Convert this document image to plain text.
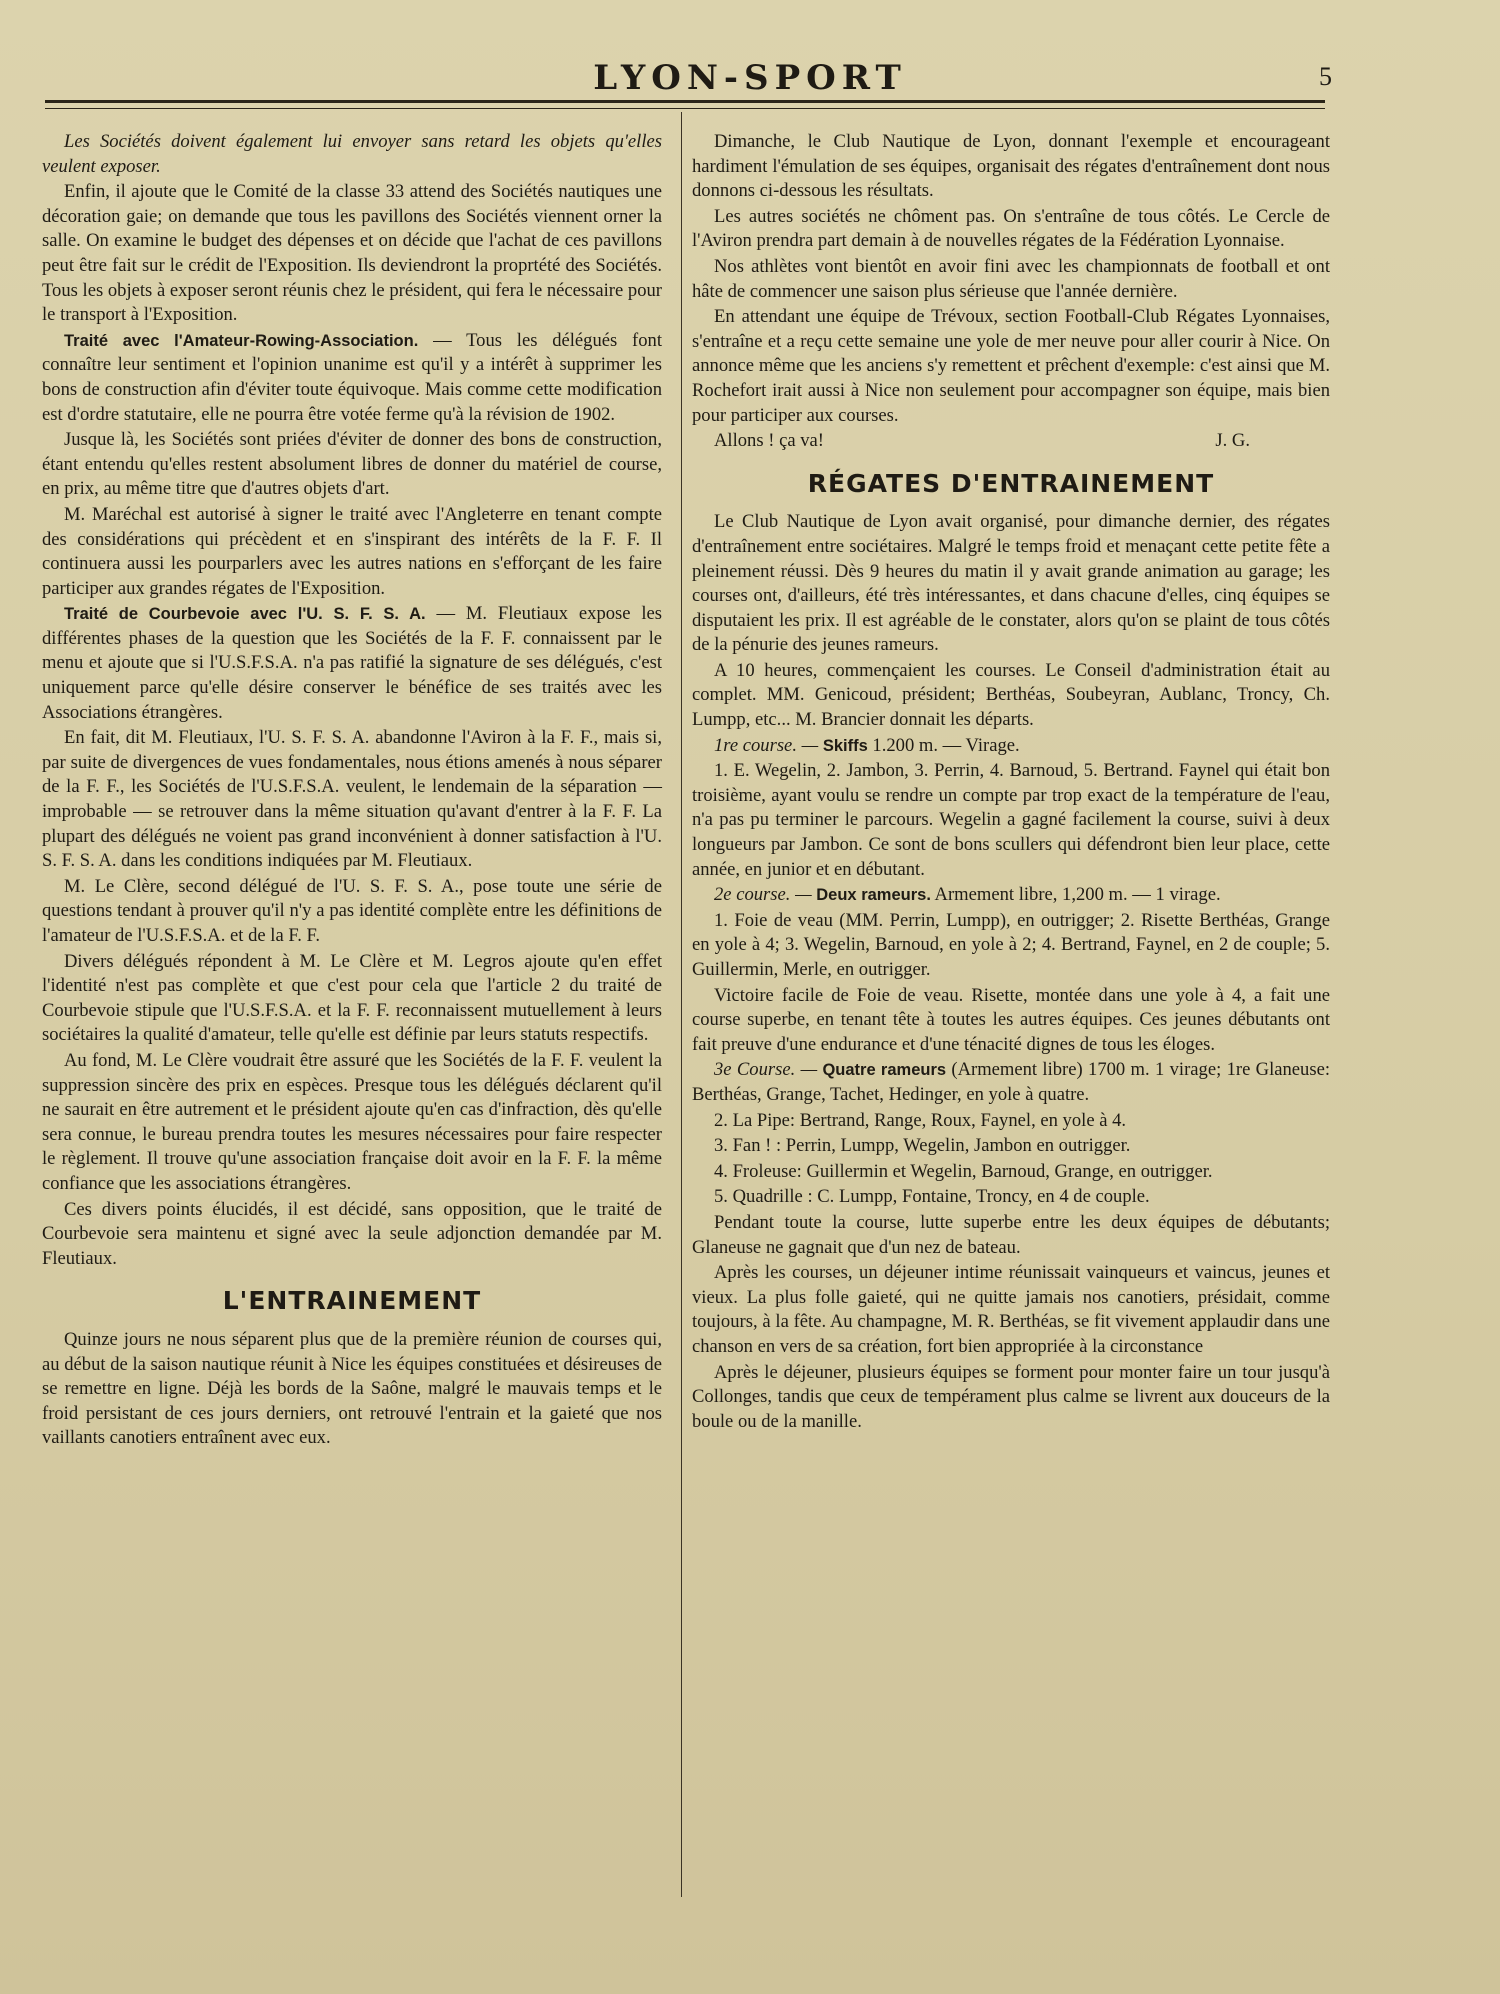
LYON-SPORT	5

Les Sociétés doivent également lui envoyer sans retard les objets qu'elles veulent exposer.

Enfin, il ajoute que le Comité de la classe 33 attend des Sociétés nautiques une décoration gaie; on demande que tous les pavillons des Sociétés viennent orner la salle. On examine le budget des dépenses et on décide que l'achat de ces pavillons peut être fait sur le crédit de l'Exposition. Ils deviendront la proprtété des Sociétés. Tous les objets à exposer seront réunis chez le président, qui fera le nécessaire pour le transport à l'Exposition.

Traité avec l'Amateur-Rowing-Association. — Tous les délégués font connaître leur sentiment et l'opinion unanime est qu'il y a intérêt à supprimer les bons de construction afin d'éviter toute équivoque. Mais comme cette modification est d'ordre statutaire, elle ne pourra être votée ferme qu'à la révision de 1902.

Jusque là, les Sociétés sont priées d'éviter de donner des bons de construction, étant entendu qu'elles restent absolument libres de donner du matériel de course, en prix, au même titre que d'autres objets d'art.

M. Maréchal est autorisé à signer le traité avec l'Angleterre en tenant compte des considérations qui précèdent et en s'inspirant des intérêts de la F. F. Il continuera aussi les pourparlers avec les autres nations en s'efforçant de les faire participer aux grandes régates de l'Exposition.

Traité de Courbevoie avec l'U. S. F. S. A. — M. Fleutiaux expose les différentes phases de la question que les Sociétés de la F. F. connaissent par le menu et ajoute que si l'U.S.F.S.A. n'a pas ratifié la signature de ses délégués, c'est uniquement parce qu'elle désire conserver le bénéfice de ses traités avec les Associations étrangères.

En fait, dit M. Fleutiaux, l'U. S. F. S. A. abandonne l'Aviron à la F. F., mais si, par suite de divergences de vues fondamentales, nous étions amenés à nous séparer de la F. F., les Sociétés de l'U.S.F.S.A. veulent, le lendemain de la séparation — improbable — se retrouver dans la même situation qu'avant d'entrer à la F. F. La plupart des délégués ne voient pas grand inconvénient à donner satisfaction à l'U. S. F. S. A. dans les conditions indiquées par M. Fleutiaux.

M. Le Clère, second délégué de l'U. S. F. S. A., pose toute une série de questions tendant à prouver qu'il n'y a pas identité complète entre les définitions de l'amateur de l'U.S.F.S.A. et de la F. F.

Divers délégués répondent à M. Le Clère et M. Legros ajoute qu'en effet l'identité n'est pas complète et que c'est pour cela que l'article 2 du traité de Courbevoie stipule que l'U.S.F.S.A. et la F. F. reconnaissent mutuellement à leurs sociétaires la qualité d'amateur, telle qu'elle est définie par leurs statuts respectifs.

Au fond, M. Le Clère voudrait être assuré que les Sociétés de la F. F. veulent la suppression sincère des prix en espèces. Presque tous les délégués déclarent qu'il ne saurait en être autrement et le président ajoute qu'en cas d'infraction, dès qu'elle sera connue, le bureau prendra toutes les mesures nécessaires pour faire respecter le règlement. Il trouve qu'une association française doit avoir en la F. F. la même confiance que les associations étrangères.

Ces divers points élucidés, il est décidé, sans opposition, que le traité de Courbevoie sera maintenu et signé avec la seule adjonction demandée par M. Fleutiaux.

L'ENTRAINEMENT

Quinze jours ne nous séparent plus que de la première réunion de courses qui, au début de la saison nautique réunit à Nice les équipes constituées et désireuses de se remettre en ligne. Déjà les bords de la Saône, malgré le mauvais temps et le froid persistant de ces jours derniers, ont retrouvé l'entrain et la gaieté que nos vaillants canotiers entraînent avec eux.

Dimanche, le Club Nautique de Lyon, donnant l'exemple et encourageant hardiment l'émulation de ses équipes, organisait des régates d'entraînement dont nous donnons ci-dessous les résultats.

Les autres sociétés ne chôment pas. On s'entraîne de tous côtés. Le Cercle de l'Aviron prendra part demain à de nouvelles régates de la Fédération Lyonnaise.

Nos athlètes vont bientôt en avoir fini avec les championnats de football et ont hâte de commencer une saison plus sérieuse que l'année dernière.

En attendant une équipe de Trévoux, section Football-Club Régates Lyonnaises, s'entraîne et a reçu cette semaine une yole de mer neuve pour aller courir à Nice. On annonce même que les anciens s'y remettent et prêchent d'exemple: c'est ainsi que M. Rochefort irait aussi à Nice non seulement pour accompagner son équipe, mais bien pour participer aux courses.

Allons ! ça va!	J. G.
RÉGATES D'ENTRAINEMENT

Le Club Nautique de Lyon avait organisé, pour dimanche dernier, des régates d'entraînement entre sociétaires. Malgré le temps froid et menaçant cette petite fête a pleinement réussi. Dès 9 heures du matin il y avait grande animation au garage; les courses ont, d'ailleurs, été très intéressantes, et dans chacune d'elles, cinq équipes se disputaient les prix. Il est agréable de le constater, alors qu'on se plaint de tous côtés de la pénurie des jeunes rameurs.

A 10 heures, commençaient les courses. Le Conseil d'administration était au complet. MM. Genicoud, président; Berthéas, Soubeyran, Aublanc, Troncy, Ch. Lumpp, etc... M. Brancier donnait les départs.

1re course. — Skiffs 1.200 m. — Virage.

1. E. Wegelin, 2. Jambon, 3. Perrin, 4. Barnoud, 5. Bertrand. Faynel qui était bon troisième, ayant voulu se rendre un compte par trop exact de la température de l'eau, n'a pas pu terminer le parcours. Wegelin a gagné facilement la course, suivi à deux longueurs par Jambon. Ce sont de bons scullers qui défendront bien leur place, cette année, en junior et en débutant.

2e course. — Deux rameurs. Armement libre, 1,200 m. — 1 virage.

1. Foie de veau (MM. Perrin, Lumpp), en outrigger; 2. Risette Berthéas, Grange en yole à 4; 3. Wegelin, Barnoud, en yole à 2; 4. Bertrand, Faynel, en 2 de couple; 5. Guillermin, Merle, en outrigger.

Victoire facile de Foie de veau. Risette, montée dans une yole à 4, a fait une course superbe, en tenant tête à toutes les autres équipes. Ces jeunes débutants ont fait preuve d'une endurance et d'une ténacité dignes de tous les éloges.

3e Course. — Quatre rameurs (Armement libre) 1700 m. 1 virage; 1re Glaneuse: Berthéas, Grange, Tachet, Hedinger, en yole à quatre.

2. La Pipe: Bertrand, Range, Roux, Faynel, en yole à 4.

3. Fan ! : Perrin, Lumpp, Wegelin, Jambon en outrigger.

4. Froleuse: Guillermin et Wegelin, Barnoud, Grange, en outrigger.

5. Quadrille : C. Lumpp, Fontaine, Troncy, en 4 de couple.

Pendant toute la course, lutte superbe entre les deux équipes de débutants; Glaneuse ne gagnait que d'un nez de bateau.

Après les courses, un déjeuner intime réunissait vainqueurs et vaincus, jeunes et vieux. La plus folle gaieté, qui ne quitte jamais nos canotiers, présidait, comme toujours, à la fête. Au champagne, M. R. Berthéas, se fit vivement applaudir dans une chanson en vers de sa création, fort bien appropriée à la circonstance

Après le déjeuner, plusieurs équipes se forment pour monter faire un tour jusqu'à Collonges, tandis que ceux de tempérament plus calme se livrent aux douceurs de la boule ou de la manille.
